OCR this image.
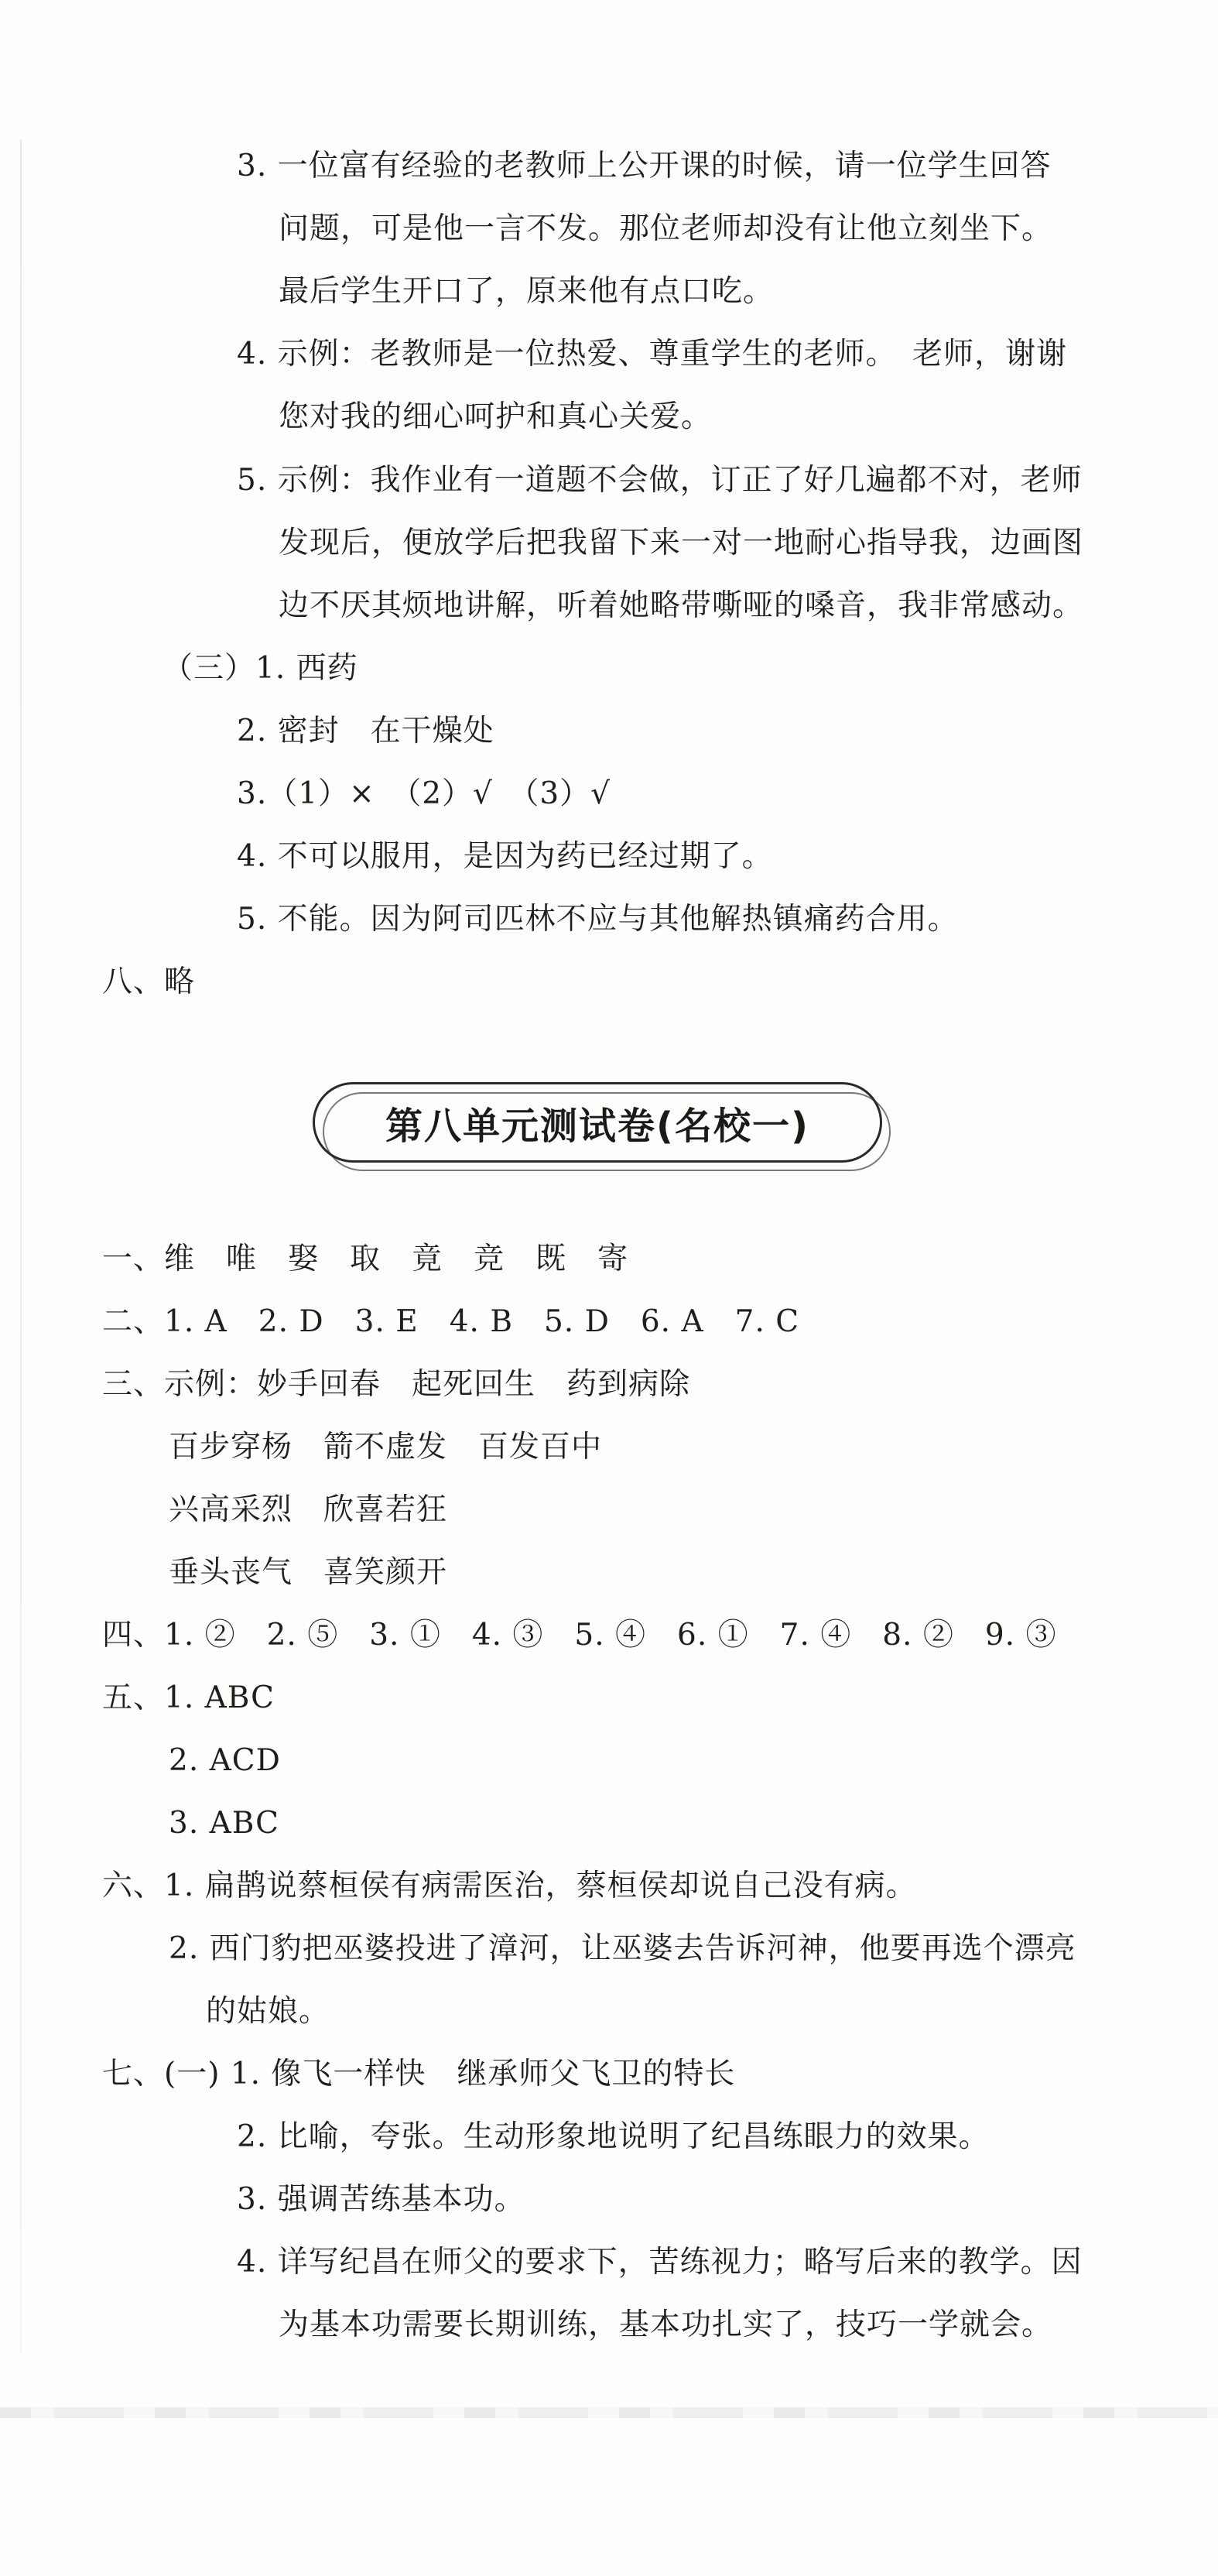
3. 一位富有经验的老教师上公开课的时候，请一位学生回答
问题，可是他一言不发。那位老师却没有让他立刻坐下。
最后学生开口了，原来他有点口吃。
4. 示例：老教师是一位热爱、尊重学生的老师。　老师，谢谢
您对我的细心呵护和真心关爱。
5. 示例：我作业有一道题不会做，订正了好几遍都不对，老师
发现后，便放学后把我留下来一对一地耐心指导我，边画图
边不厌其烦地讲解，听着她略带嘶哑的嗓音，我非常感动。
（三）1. 西药
2. 密封　在干燥处
3.（1）×　（2）√　（3）√
4. 不可以服用，是因为药已经过期了。
5. 不能。因为阿司匹林不应与其他解热镇痛药合用。
八、略
第八单元测试卷(名校一)
一、维　唯　娶　取　竟　竞　既　寄
二、1. A　2. D　3. E　4. B　5. D　6. A　7. C
三、示例：妙手回春　起死回生　药到病除
百步穿杨　箭不虚发　百发百中
兴高采烈　欣喜若狂
垂头丧气　喜笑颜开
四、1. ②　2. ⑤　3. ①　4. ③　5. ④　6. ①　7. ④　8. ②　9. ③
五、1. ABC
2. ACD
3. ABC
六、1. 扁鹊说蔡桓侯有病需医治，蔡桓侯却说自己没有病。
2. 西门豹把巫婆投进了漳河，让巫婆去告诉河神，他要再选个漂亮
的姑娘。
七、(一) 1. 像飞一样快　继承师父飞卫的特长
2. 比喻，夸张。生动形象地说明了纪昌练眼力的效果。
3. 强调苦练基本功。
4. 详写纪昌在师父的要求下，苦练视力；略写后来的教学。因
为基本功需要长期训练，基本功扎实了，技巧一学就会。
